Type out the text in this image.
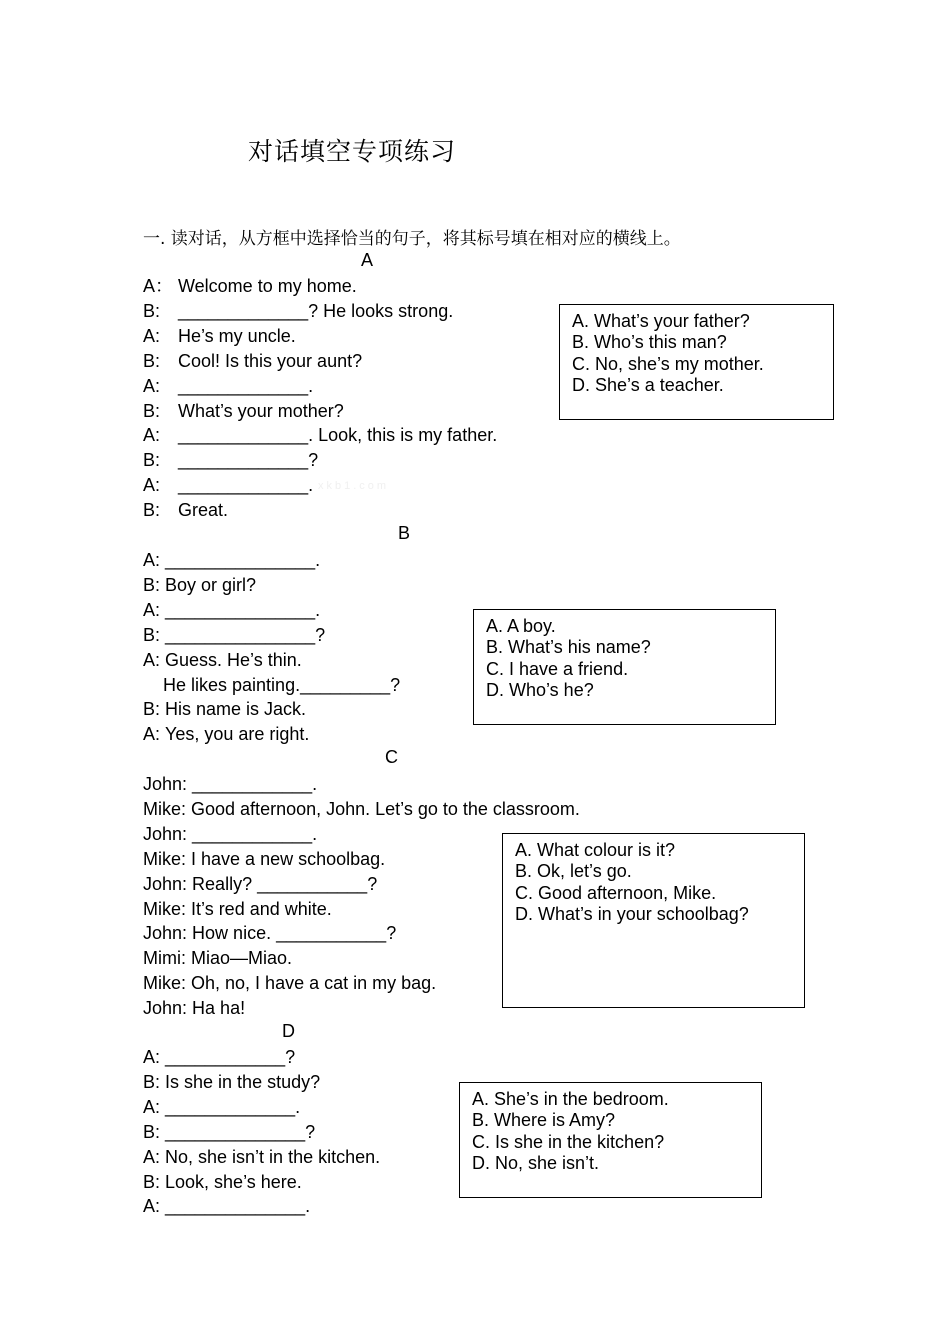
对话填空专项练习
一. 读对话，从方框中选择恰当的句子，将其标号填在相对应的横线上。
xkb1.com
A
A： Welcome to my home.
B: _____________? He looks strong.
A: He’s my uncle.
B: Cool! Is this your aunt?
A: _____________.
B: What’s your mother?
A: _____________. Look, this is my father.
B: _____________?
A: _____________.
B: Great.
A. What’s your father?
B. Who’s this man?
C. No, she’s my mother.
D. She’s a teacher.
B
A: _______________.
B: Boy or girl?
A: _______________.
B: _______________?
A: Guess. He’s thin.
He likes painting._________?
B: His name is Jack.
A: Yes, you are right.
A. A boy.
B. What’s his name?
C. I have a friend.
D. Who’s he?
C
John: ____________.
Mike: Good afternoon, John. Let’s go to the classroom.
John: ____________.
Mike: I have a new schoolbag.
John: Really? ___________?
Mike: It’s red and white.
John: How nice. ___________?
Mimi: Miao—Miao.
Mike: Oh, no, I have a cat in my bag.
John: Ha ha!
A. What colour is it?
B. Ok, let’s go.
C. Good afternoon, Mike.
D. What’s in your schoolbag?
D
A: ____________?
B: Is she in the study?
A: _____________.
B: ______________?
A: No, she isn’t in the kitchen.
B: Look, she’s here.
A: ______________.
A. She’s in the bedroom.
B. Where is Amy?
C. Is she in the kitchen?
D. No, she isn’t.
